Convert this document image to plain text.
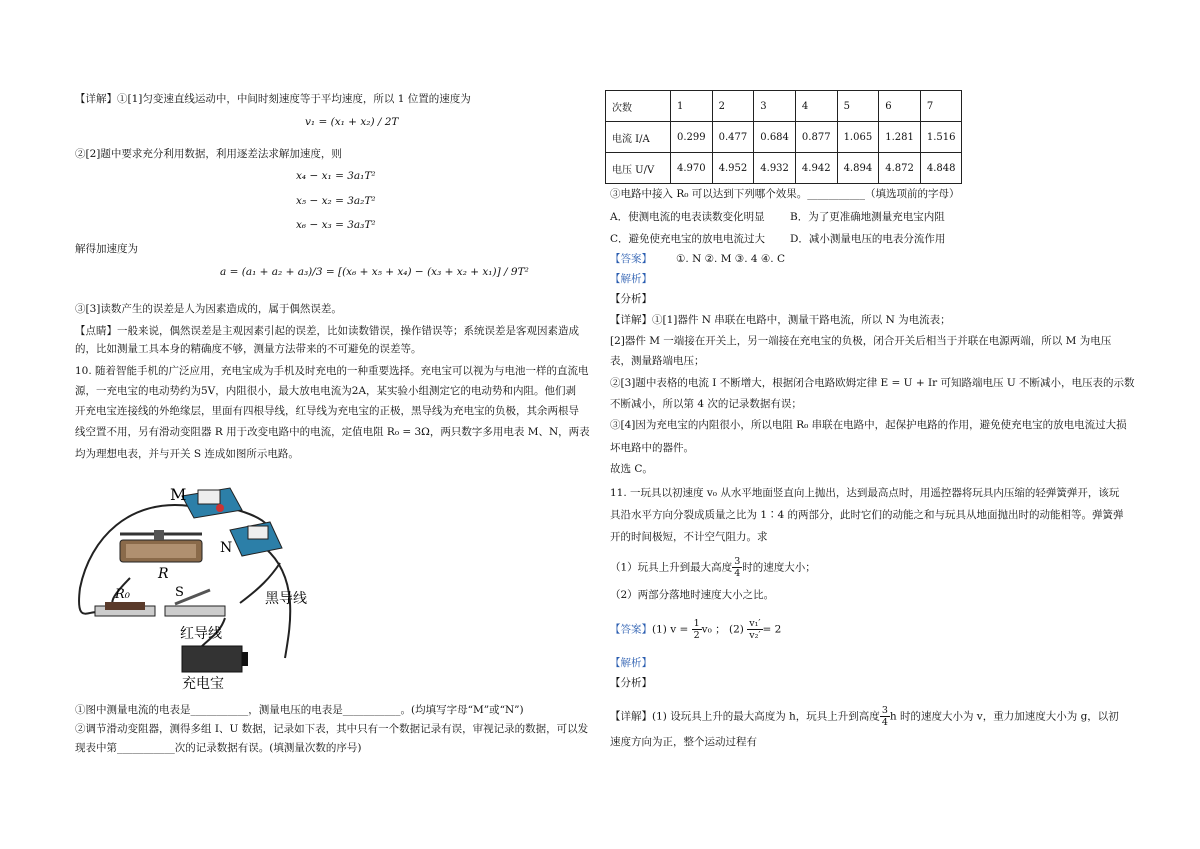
【详解】①[1]匀变速直线运动中，中间时刻速度等于平均速度，所以 1 位置的速度为
v₁ = (x₁ + x₂) / 2T
②[2]题中要求充分利用数据，利用逐差法求解加速度，则
x₄ − x₁ = 3a₁T²
x₅ − x₂ = 3a₂T²
x₆ − x₃ = 3a₃T²
解得加速度为
a = (a₁ + a₂ + a₃)/3 = [(x₆ + x₅ + x₄) − (x₃ + x₂ + x₁)] / 9T²
③[3]读数产生的误差是人为因素造成的，属于偶然误差。
【点睛】一般来说，偶然误差是主观因素引起的误差，比如读数错误，操作错误等；系统误差是客观因素造成
的，比如测量工具本身的精确度不够，测量方法带来的不可避免的误差等。
10. 随着智能手机的广泛应用，充电宝成为手机及时充电的一种重要选择。充电宝可以视为与电池一样的直流电
源，一充电宝的电动势约为5V，内阻很小，最大放电电流为2A，某实验小组测定它的电动势和内阻。他们剥
开充电宝连接线的外绝缘层，里面有四根导线，红导线为充电宝的正极，黑导线为充电宝的负极，其余两根导
线空置不用，另有滑动变阻器 R 用于改变电路中的电流，定值电阻 R₀ = 3Ω，两只数字多用电表 M、N，两表
均为理想电表，并与开关 S 连成如图所示电路。
M
N
R
R₀	S	黑导线
红导线
充电宝
①图中测量电流的电表是___________，测量电压的电表是___________。(均填写字母“M”或“N”)
②调节滑动变阻器，测得多组 I、U 数据，记录如下表，其中只有一个数据记录有误，审视记录的数据，可以发
现表中第___________次的记录数据有误。(填测量次数的序号)
次数	1	2	3	4	5	6	7
电流 I/A	0.299	0.477	0.684	0.877	1.065	1.281	1.516
电压 U/V	4.970	4.952	4.932	4.942	4.894	4.872	4.848
③电路中接入 R₀ 可以达到下列哪个效果。___________（填选项前的字母）
A．使测电流的电表读数变化明显 B．为了更准确地测量充电宝内阻
C．避免使充电宝的放电电流过大 D．减小测量电压的电表分流作用
【答案】 ①. N ②. M ③. 4 ④. C
【解析】
【分析】
【详解】①[1]器件 N 串联在电路中，测量干路电流，所以 N 为电流表；
[2]器件 M 一端接在开关上，另一端接在充电宝的负极，闭合开关后相当于并联在电源两端，所以 M 为电压
表，测量路端电压；
②[3]题中表格的电流 I 不断增大，根据闭合电路欧姆定律 E = U + Ir 可知路端电压 U 不断减小，电压表的示数
不断减小，所以第 4 次的记录数据有误；
③[4]因为充电宝的内阻很小，所以电阻 R₀ 串联在电路中，起保护电路的作用，避免使充电宝的放电电流过大损
坏电路中的器件。
故选 C。
11. 一玩具以初速度 v₀ 从水平地面竖直向上抛出，达到最高点时，用遥控器将玩具内压缩的轻弹簧弹开，该玩
具沿水平方向分裂成质量之比为 1∶4 的两部分，此时它们的动能之和与玩具从地面抛出时的动能相等。弹簧弹
开的时间极短，不计空气阻力。求
（1）玩具上升到最大高度 $\frac{3}{4}$ 时的速度大小；
（2）两部分落地时速度大小之比。
【答案】(1) $v = \frac{1}{2} v_0$ ； $(2) \frac{\text{v₁′}}{\text{v₂′}} = 2$
【解析】
【分析】
【详解】(1) 设玩具上升的最大高度为 h，玩具上升到高度 $\frac{3}{4}$ h 时的速度大小为 v，重力加速度大小为 g，以初
速度方向为正，整个运动过程有
